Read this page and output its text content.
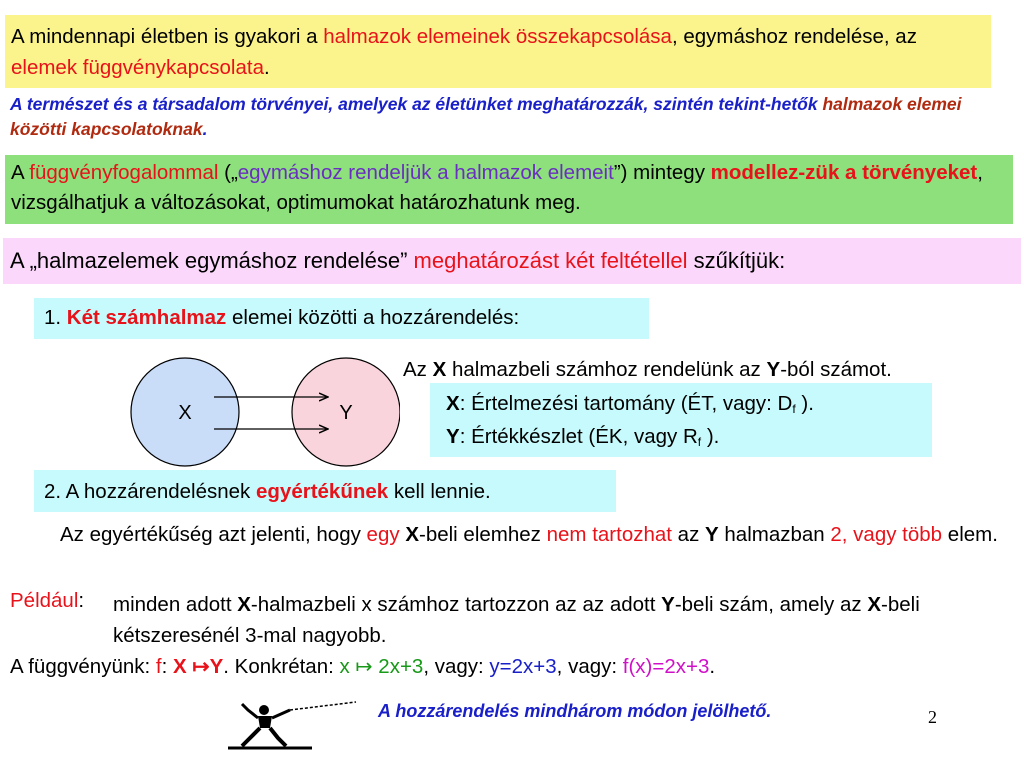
A mindennapi életben is gyakori a halmazok elemeinek összekapcsolása, egymáshoz rendelése, az elemek függvénykapcsolata.
A természet és a társadalom törvényei, amelyek az életünket meghatározzák, szintén tekint-hetők halmazok elemei közötti kapcsolatoknak.
A függvényfogalommal („egymáshoz rendeljük a halmazok elemeit”) mintegy modellez-zük a törvényeket, vizsgálhatjuk a változásokat, optimumokat határozhatunk meg.
A „halmazelemek egymáshoz rendelése” meghatározást két feltétellel szűkítjük:
1. Két számhalmaz elemei közötti a hozzárendelés:
X	Y
Az X halmazbeli számhoz rendelünk az Y-ból számot.
X: Értelmezési tartomány (ÉT, vagy: $D_f$ ).
Y: Értékkészlet (ÉK, vagy $R_f$ ).
2. A hozzárendelésnek egyértékűnek kell lennie.
Az egyértékűség azt jelenti, hogy egy X-beli elemhez nem tartozhat az Y halmazban 2, vagy több elem.
Például: minden adott X-halmazbeli x számhoz tartozzon az az adott Y-beli szám, amely az X-beli kétszeresénél 3-mal nagyobb.
A függvényünk: f: X ↦Y. Konkrétan: x ↦ 2x+3, vagy: y=2x+3, vagy: f(x)=2x+3.
A hozzárendelés mindhárom módon jelölhető.	2
